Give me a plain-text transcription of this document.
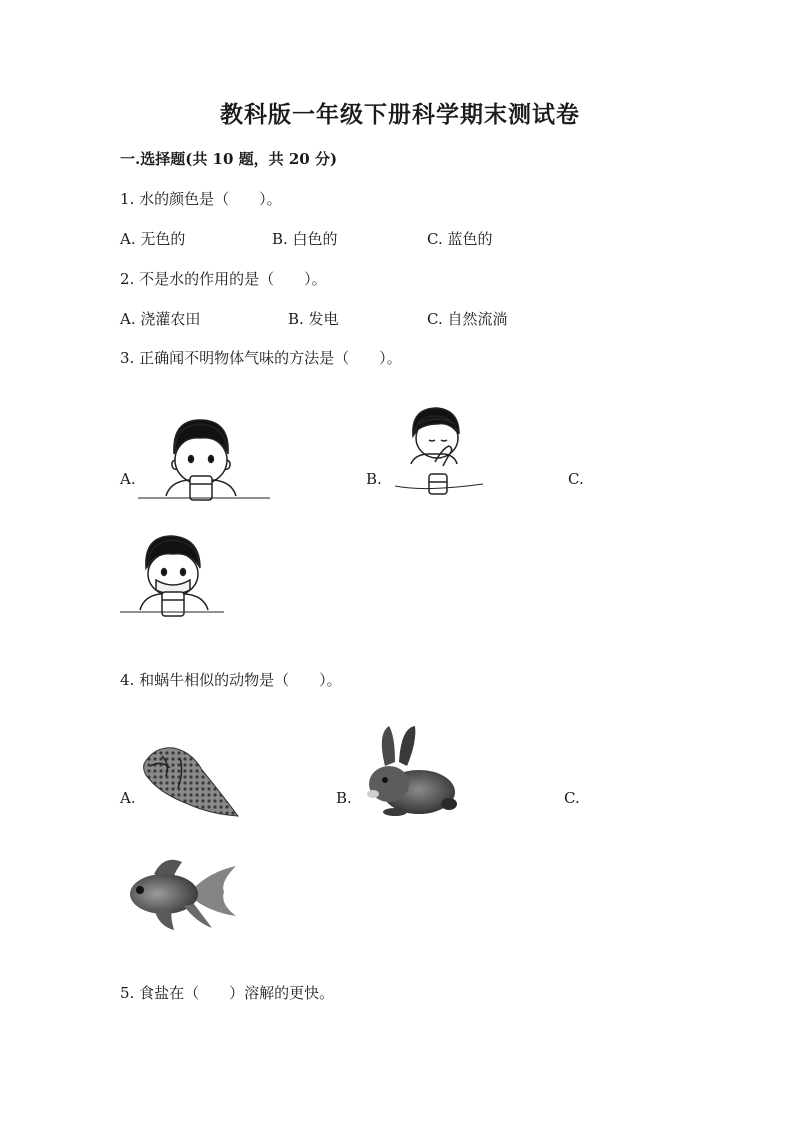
教科版一年级下册科学期末测试卷
一.选择题(共 10 题，共 20 分)
1. 水的颜色是（　　）。
A. 无色的	B. 白色的	C. 蓝色的
2. 不是水的作用的是（　　）。
A. 浇灌农田	B. 发电	C. 自然流淌
3. 正确闻不明物体气味的方法是（　　）。
A.	B.	C.
4. 和蜗牛相似的动物是（　　）。
A.	B.	C.
5. 食盐在（　　）溶解的更快。
